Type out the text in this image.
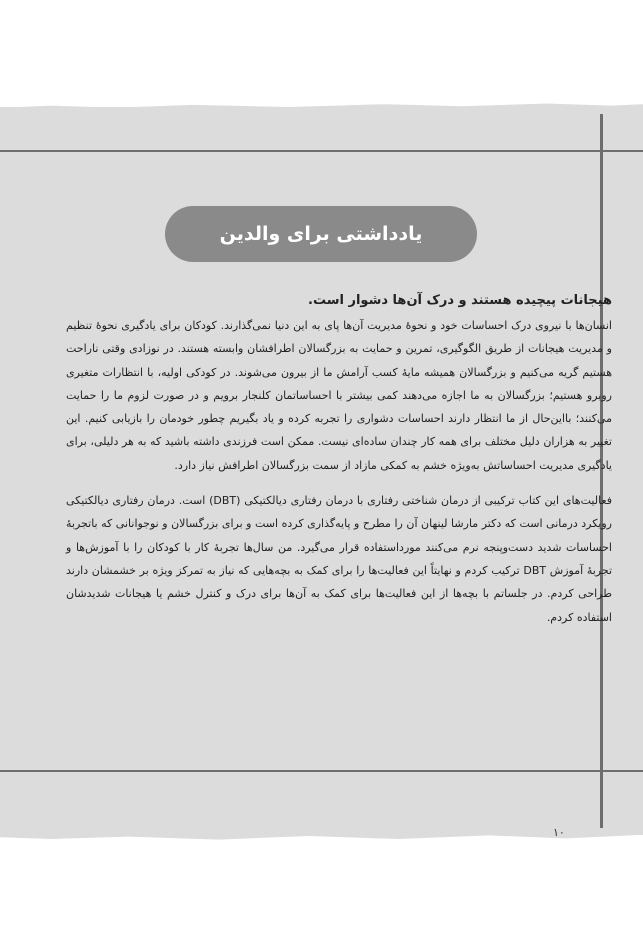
یادداشتی برای والدین

هیجانات پیچیده هستند و درک آن‌ها دشوار است.

انسان‌ها با نیروی درک احساسات خود و نحوهٔ مدیریت آن‌ها پای به این دنیا نمی‌گذارند. کودکان برای یادگیری نحوهٔ تنظیم و مدیریت هیجانات از طریق الگوگیری، تمرین و حمایت به بزرگسالان اطرافشان وابسته هستند. در نوزادی وقتی ناراحت هستیم گریه می‌کنیم و بزرگسالان همیشه مایهٔ کسب آرامش ما از بیرون می‌شوند. در کودکی اولیه، با انتظارات متغیری روبرو هستیم؛ بزرگسالان به ما اجازه می‌دهند کمی بیشتر با احساساتمان کلنجار برویم و در صورت لزوم ما را حمایت می‌کنند؛ بااین‌حال از ما انتظار دارند احساسات دشواری را تجربه کرده و یاد بگیریم چطور خودمان را بازیابی کنیم. این تغییر به هزاران دلیل مختلف برای همه کار چندان ساده‌ای نیست. ممکن است فرزندی داشته باشید که به هر دلیلی، برای یادگیری مدیریت احساساتش به‌ویژه خشم به کمکی مازاد از سمت بزرگسالان اطرافش نیاز دارد.

فعالیت‌های این کتاب ترکیبی از درمان شناختی رفتاری با درمان رفتاری دیالکتیکی (DBT) است. درمان رفتاری دیالکتیکی رویکرد درمانی است که دکتر مارشا لینهان آن را مطرح و پایه‌گذاری کرده است و برای بزرگسالان و نوجوانانی که باتجربهٔ احساسات شدید دست‌وپنجه نرم می‌کنند مورداستفاده قرار می‌گیرد. من سال‌ها تجربهٔ کار با کودکان را با آموزش‌ها و تجربهٔ آموزش DBT ترکیب کردم و نهایتاً این فعالیت‌ها را برای کمک به بچه‌هایی که نیاز به تمرکز ویژه بر خشمشان دارند طراحی کردم. در جلساتم با بچه‌ها از این فعالیت‌ها برای کمک به آن‌ها برای درک و کنترل خشم یا هیجانات شدیدشان استفاده کردم.

۱۰
